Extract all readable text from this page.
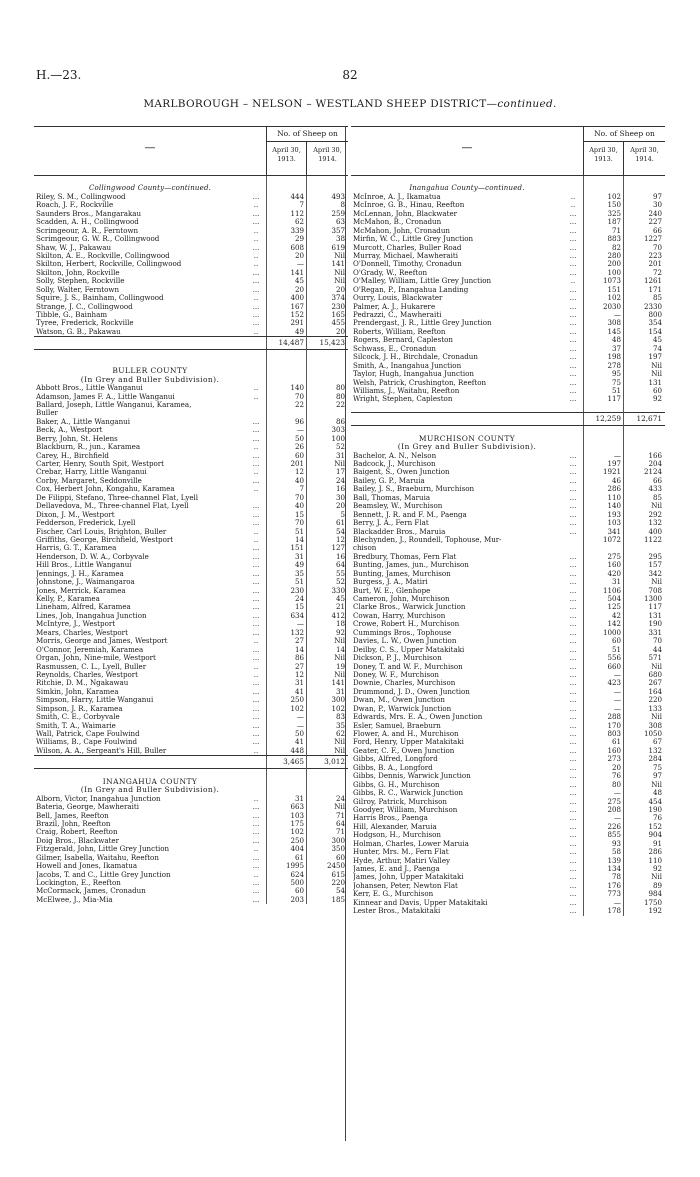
H.—23.	82
MARLBOROUGH – NELSON – WESTLAND SHEEP DISTRICT—continued.
—
No. of Sheep on
April 30, 1913.
April 30, 1914.
Collingwood County—continued.
Riley, S. M., Collingwood	...	444	493
Roach, J. F., Rockville	..	7	8
Saunders Bros., Mangarakau	...	112	259
Scadden, A. H., Collingwood	...	62	63
Scrimgeour, A. R., Ferntown	..	339	357
Scrimgeour, G. W. R., Collingwood	..	29	38
Shaw, W. J., Pakawau	...	608	619
Skilton, A. E., Rockville, Collingwood	..	20	Nil
Skilton, Herbert, Rockville, Collingwood	..	—	141
Skilton, John, Rockville	...	141	Nil
Solly, Stephen, Rockville	...	45	Nil
Solly, Walter, Ferntown	...	20	20
Squire, J. S., Bainham, Collingwood	..	400	374
Strange, J. C., Collingwood	...	167	230
Tibble, G., Bainham	...	152	165
Tyree, Frederick, Rockville	...	291	455
Watson, G. B., Pakawau	..	49	20
14,487	15,423
BULLER COUNTY
(In Grey and Buller Subdivision).
Abbott Bros., Little Wanganui	..	140	80
Adamson, James F. A., Little Wanganui	..	70	80
Ballard, Joseph, Little Wanganui, Karamea,	22	22
Buller
Baker, A., Little Wanganui	...	96	86
Beck, A., Westport	...	—	303
Berry, John, St. Helens	...	50	100
Blackburn, R., jun., Karamea	..	26	52
Carey, H., Birchfield	...	60	31
Carter, Henry, South Spit, Westport	...	201	Nil
Crebar, Harry, Little Wanganui	..	12	17
Corby, Margaret, Seddonville	...	40	24
Cox, Herbert John, Kongahu, Karamea	..	7	16
De Filippi, Stefano, Three-channel Flat, Lyell	70	30
Dellavedova, M., Three-channel Flat, Lyell	...	40	20
Dixon, J. M., Westport	...	15	5
Fedderson, Frederick, Lyell	...	70	61
Fischer, Carl Louis, Brighton, Buller	..	51	54
Griffiths, George, Birchfield, Westport	..	14	12
Harris, G. T., Karamea	...	151	127
Henderson, D. W. A., Corbyvale	...	31	16
Hill Bros., Little Wanganui	...	49	64
Jennings, J. H., Karamea	...	35	55
Johnstone, J., Waimangaroa	...	51	52
Jones, Merrick, Karamea	...	230	330
Kelly, P., Karamea	...	24	45
Lineham, Alfred, Karamea	...	15	21
Lines, Job, Inangahua Junction	...	634	412
McIntyre, J., Westport	...	—	18
Mears, Charles, Westport	...	132	92
Morris, George and James, Westport	..	27	Nil
O'Connor, Jeremiah, Karamea	...	14	14
Organ, John, Nine-mile, Westport	...	86	Nil
Rasmussen, C. L., Lyell, Buller	..	27	19
Reynolds, Charles, Westport	..	12	Nil
Ritchie, D. M., Ngakawau	...	31	141
Simkin, John, Karamea	...	41	31
Simpson, Harry, Little Wanganui	...	250	300
Simpson, J. R., Karamea	...	102	102
Smith, C. E., Corbyvale	...	—	83
Smith, T. A., Waimarie	...	—	35
Wall, Patrick, Cape Foulwind	...	50	62
Williams, B., Cape Foulwind	...	41	Nil
Wilson, A. A., Sergeant's Hill, Buller	..	448	Nil
3,465	3,012
INANGAHUA COUNTY
(In Grey and Buller Subdivision).
Alborn, Victor, Inangahua Junction	..	31	24
Bateria, George, Mawheraiti	...	663	Nil
Bell, James, Reefton	...	103	71
Brazil, John, Reefton	...	175	64
Craig, Robert, Reefton	...	102	71
Doig Bros., Blackwater	...	250	300
Fitzgerald, John, Little Grey Junction	..	404	350
Gilmer, Isabella, Waitahu, Reefton	...	61	60
Howell and Jones, Ikamatua	...	1995	2450
Jacobs, T. and C., Little Grey Junction	..	624	615
Lockington, E., Reefton	...	500	220
McCormack, James, Cronadun	...	60	54
McElwee, J., Mia-Mia	...	203	185
—
No. of Sheep on
April 30, 1913.
April 30, 1914.
Inangahua County—continued.
McInroe, A. J., Ikamatua	..	102	97
McInroe, G. B., Hinau, Reefton	..	150	30
McLennan, John, Blackwater	...	325	240
McMahon, B., Cronadun	...	187	227
McMahon, John, Cronadun	...	71	66
Mirfin, W. C., Little Grey Junction	...	883	1227
Murcott, Charles, Buller Road	...	82	70
Murray, Michael, Mawheraiti	...	280	223
O'Donnell, Timothy, Cronadun	...	200	201
O'Grady, W., Reefton	...	100	72
O'Malley, William, Little Grey Junction	..	1073	1261
O'Regan, P., Inangahua Landing	...	151	171
Ourry, Louis, Blackwater	...	102	85
Palmer, A. J., Hukarere	...	2030	2330
Pedrazzi, C., Mawheraiti	...	—	800
Prendergast, J. R., Little Grey Junction	...	308	354
Roberts, William, Reefton	...	145	154
Rogers, Bernard, Capleston	...	48	45
Schwass, E., Cronadun	...	37	74
Silcock, J. H., Birchdale, Cronadun	...	198	197
Smith, A., Inangahua Junction	...	278	Nil
Taylor, Hugh, Inangahua Junction	...	95	Nil
Welsh, Patrick, Crushington, Reefton	...	75	131
Williams, J., Waitahu, Reefton	...	51	60
Wright, Stephen, Capleston	...	117	92
12,259	12,671
MURCHISON COUNTY
(In Grey and Buller Subdivision).
Bachelor, A. N., Nelson	...	—	166
Badcock, J., Murchison	...	197	204
Baigent, S., Owen Junction	...	1921	2124
Bailey, G. P., Maruia	...	46	66
Bailey, J. S., Braeburn, Murchison	...	286	433
Ball, Thomas, Maruia	...	110	85
Beamsley, W., Murchison	...	140	Nil
Bennett, J. R. and F. M., Paenga	...	193	292
Berry, J. A., Fern Flat	...	103	132
Blackadder Bros., Maruia	...	341	400
Blechynden, J., Roundell, Tophouse, Mur-	1072	1122
chison
Bredbury, Thomas, Fern Flat	...	275	295
Bunting, James, jun., Murchison	...	160	157
Bunting, James, Murchison	...	420	342
Burgess, J. A., Matiri	...	31	Nil
Burt, W. E., Glenhope	...	1106	708
Cameron, John, Murchison	...	504	1300
Clarke Bros., Warwick Junction	...	125	117
Cowan, Harry, Murchison	...	42	131
Crowe, Robert H., Murchison	...	142	190
Cummings Bros., Tophouse	...	1000	331
Davies, L. W., Owen Junction	...	60	70
Deilby, C. S., Upper Matakitaki	...	51	44
Dickson, P. J., Murchison	...	556	571
Doney, T. and W. F., Murchison	...	660	Nil
Doney, W. F., Murchison	...	—	680
Downie, Charles, Murchison	...	423	267
Drummond, J. D., Owen Junction	...	—	164
Dwan, M., Owen Junction	...	—	220
Dwan, P., Warwick Junction	...	—	133
Edwards, Mrs. E. A., Owen Junction	...	288	Nil
Esler, Samuel, Braeburn	...	170	308
Flower, A. and H., Murchison	...	803	1050
Ford, Henry, Upper Matakitaki	...	61	67
Geater, C. F., Owen Junction	...	160	132
Gibbs, Alfred, Longford	...	273	284
Gibbs, B. A., Longford	...	20	75
Gibbs, Dennis, Warwick Junction	...	76	97
Gibbs, G. H., Murchison	...	80	Nil
Gibbs, R. C., Warwick Junction	...	—	48
Gilroy, Patrick, Murchison	...	275	454
Goodyer, William, Murchison	...	208	190
Harris Bros., Paenga	...	—	76
Hill, Alexander, Maruia	...	226	152
Hodgson, H., Murchison	...	855	904
Holman, Charles, Lower Maruia	...	93	91
Hunter, Mrs. M., Fern Flat	...	58	286
Hyde, Arthur, Matiri Valley	...	139	110
James, E. and J., Paenga	...	134	92
James, John, Upper Matakitaki	...	78	Nil
Johansen, Peter, Newton Flat	...	176	89
Kerr, E. G., Murchison	...	773	984
Kinnear and Davis, Upper Matakitaki	...	—	1750
Lester Bros., Matakitaki	...	178	192
